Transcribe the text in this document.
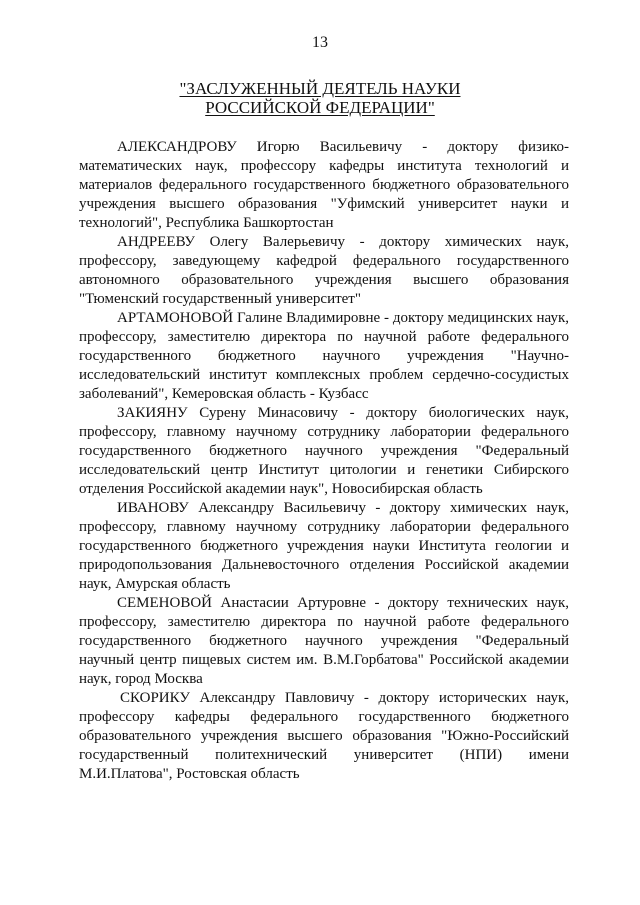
13
"ЗАСЛУЖЕННЫЙ ДЕЯТЕЛЬ НАУКИ
РОССИЙСКОЙ ФЕДЕРАЦИИ"

АЛЕКСАНДРОВУ Игорю Васильевичу - доктору физико-математических наук, профессору кафедры института технологий и материалов федерального государственного бюджетного образовательного учреждения высшего образования "Уфимский университет науки и технологий", Республика Башкортостан

АНДРЕЕВУ Олегу Валерьевичу - доктору химических наук, профессору, заведующему кафедрой федерального государственного автономного образовательного учреждения высшего образования "Тюменский государственный университет"

АРТАМОНОВОЙ Галине Владимировне - доктору медицинских наук, профессору, заместителю директора по научной работе федерального государственного бюджетного научного учреждения "Научно-исследовательский институт комплексных проблем сердечно-сосудистых заболеваний", Кемеровская область - Кузбасс

ЗАКИЯНУ Сурену Минасовичу - доктору биологических наук, профессору, главному научному сотруднику лаборатории федерального государственного бюджетного научного учреждения "Федеральный исследовательский центр Институт цитологии и генетики Сибирского отделения Российской академии наук", Новосибирская область

ИВАНОВУ Александру Васильевичу - доктору химических наук, профессору, главному научному сотруднику лаборатории федерального государственного бюджетного учреждения науки Института геологии и природопользования Дальневосточного отделения Российской академии наук, Амурская область

СЕМЕНОВОЙ Анастасии Артуровне - доктору технических наук, профессору, заместителю директора по научной работе федерального государственного бюджетного научного учреждения "Федеральный научный центр пищевых систем им. В.М.Горбатова" Российской академии наук, город Москва

СКОРИКУ Александру Павловичу - доктору исторических наук, профессору кафедры федерального государственного бюджетного образовательного учреждения высшего образования "Южно-Российский государственный политехнический университет (НПИ) имени М.И.Платова", Ростовская область
